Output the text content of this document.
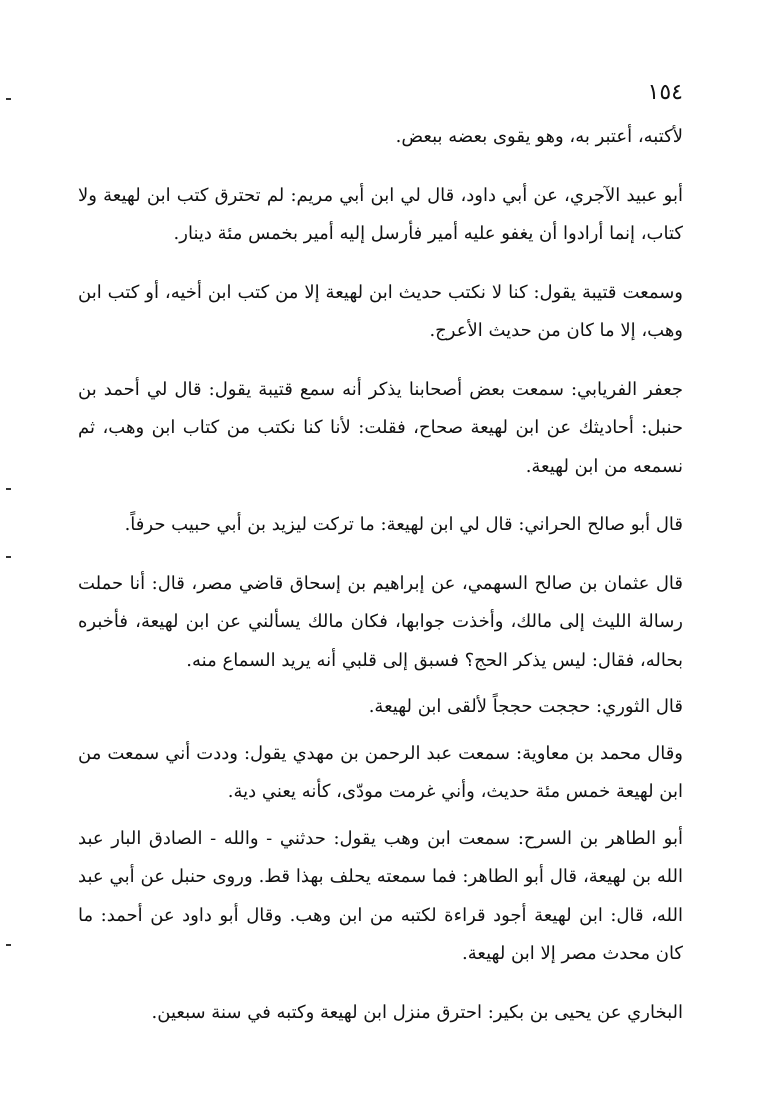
١٥٤

لأكتبه، أعتبر به، وهو يقوى بعضه ببعض.

أبو عبيد الآجري، عن أبي داود، قال لي ابن أبي مريم: لم تحترق كتب ابن لهيعة ولا كتاب، إنما أرادوا أن يغفو عليه أمير فأرسل إليه أمير بخمس مئة دينار.

وسمعت قتيبة يقول: كنا لا نكتب حديث ابن لهيعة إلا من كتب ابن أخيه، أو كتب ابن وهب، إلا ما كان من حديث الأعرج.

جعفر الفريابي: سمعت بعض أصحابنا يذكر أنه سمع قتيبة يقول: قال لي أحمد بن حنبل: أحاديثك عن ابن لهيعة صحاح، فقلت: لأنا كنا نكتب من كتاب ابن وهب، ثم نسمعه من ابن لهيعة.

قال أبو صالح الحراني: قال لي ابن لهيعة: ما تركت ليزيد بن أبي حبيب حرفاً.

قال عثمان بن صالح السهمي، عن إبراهيم بن إسحاق قاضي مصر، قال: أنا حملت رسالة الليث إلى مالك، وأخذت جوابها، فكان مالك يسألني عن ابن لهيعة، فأخبره بحاله، فقال: ليس يذكر الحج؟ فسبق إلى قلبي أنه يريد السماع منه.

قال الثوري: حججت حججاً لألقى ابن لهيعة.

وقال محمد بن معاوية: سمعت عبد الرحمن بن مهدي يقول: وددت أني سمعت من ابن لهيعة خمس مئة حديث، وأني غرمت مودّى، كأنه يعني دية.

أبو الطاهر بن السرح: سمعت ابن وهب يقول: حدثني - والله - الصادق البار عبد الله بن لهيعة، قال أبو الطاهر: فما سمعته يحلف بهذا قط. وروى حنبل عن أبي عبد الله، قال: ابن لهيعة أجود قراءة لكتبه من ابن وهب. وقال أبو داود عن أحمد: ما كان محدث مصر إلا ابن لهيعة.

البخاري عن يحيى بن بكير: احترق منزل ابن لهيعة وكتبه في سنة سبعين.
